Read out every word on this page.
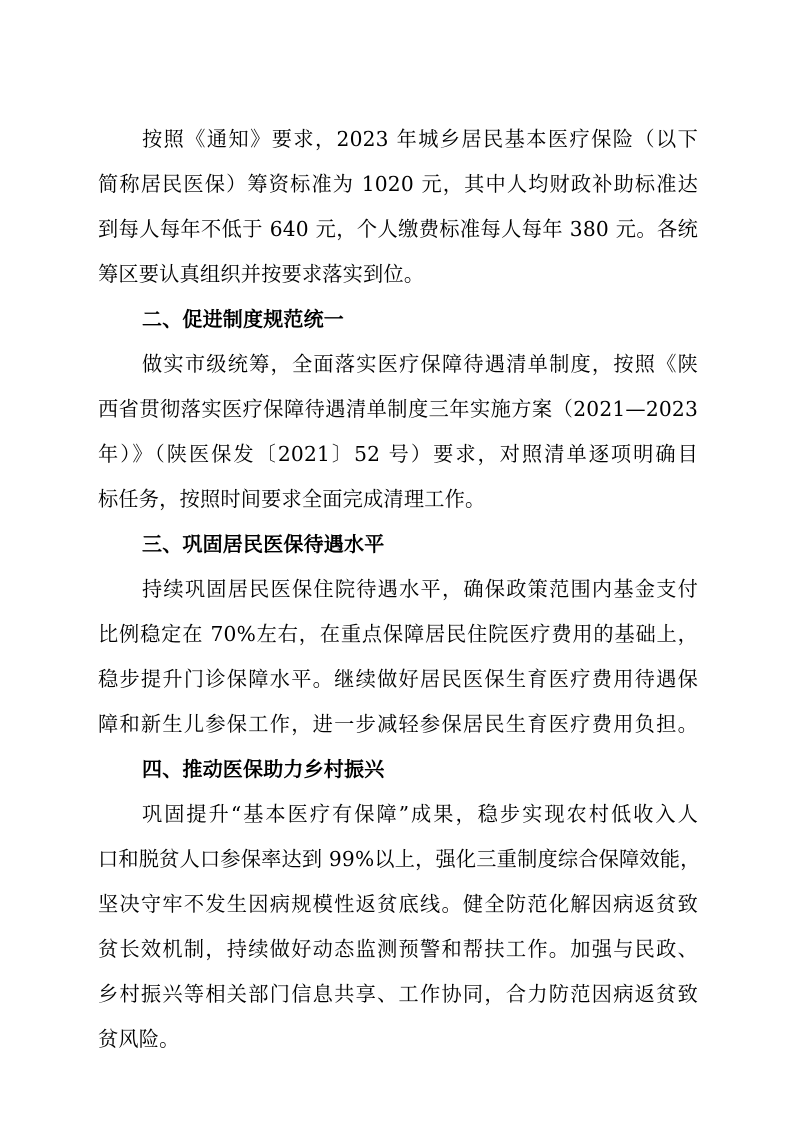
按照《通知》要求，2023 年城乡居民基本医疗保险（以下
简称居民医保）筹资标准为 1020 元，其中人均财政补助标准达
到每人每年不低于 640 元，个人缴费标准每人每年 380 元。各统
筹区要认真组织并按要求落实到位。
二、促进制度规范统一
做实市级统筹，全面落实医疗保障待遇清单制度，按照《陕
西省贯彻落实医疗保障待遇清单制度三年实施方案（2021—2023
年）》（陕医保发〔2021〕52 号）要求，对照清单逐项明确目
标任务，按照时间要求全面完成清理工作。
三、巩固居民医保待遇水平
持续巩固居民医保住院待遇水平，确保政策范围内基金支付
比例稳定在 70%左右，在重点保障居民住院医疗费用的基础上，
稳步提升门诊保障水平。继续做好居民医保生育医疗费用待遇保
障和新生儿参保工作，进一步减轻参保居民生育医疗费用负担。
四、推动医保助力乡村振兴
巩固提升“基本医疗有保障”成果，稳步实现农村低收入人
口和脱贫人口参保率达到 99%以上，强化三重制度综合保障效能，
坚决守牢不发生因病规模性返贫底线。健全防范化解因病返贫致
贫长效机制，持续做好动态监测预警和帮扶工作。加强与民政、
乡村振兴等相关部门信息共享、工作协同，合力防范因病返贫致
贫风险。
